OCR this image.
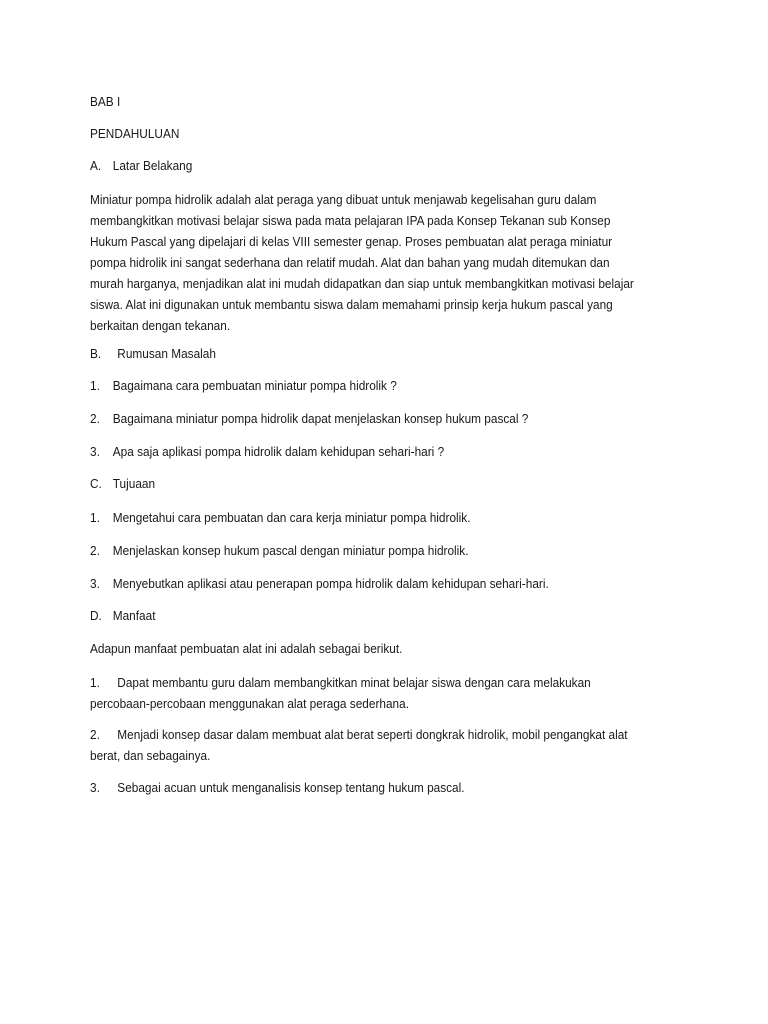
BAB I
PENDAHULUAN
A. Latar Belakang
Miniatur pompa hidrolik adalah alat peraga yang dibuat untuk menjawab kegelisahan guru dalam
membangkitkan motivasi belajar siswa pada mata pelajaran IPA pada Konsep Tekanan sub Konsep
Hukum Pascal yang dipelajari di kelas VIII semester genap. Proses pembuatan alat peraga miniatur
pompa hidrolik ini sangat sederhana dan relatif mudah. Alat dan bahan yang mudah ditemukan dan
murah harganya, menjadikan alat ini mudah didapatkan dan siap untuk membangkitkan motivasi belajar
siswa. Alat ini digunakan untuk membantu siswa dalam memahami prinsip kerja hukum pascal yang
berkaitan dengan tekanan.
B. Rumusan Masalah
1. Bagaimana cara pembuatan miniatur pompa hidrolik ?
2. Bagaimana miniatur pompa hidrolik dapat menjelaskan konsep hukum pascal ?
3. Apa saja aplikasi pompa hidrolik dalam kehidupan sehari-hari ?
C. Tujuaan
1. Mengetahui cara pembuatan dan cara kerja miniatur pompa hidrolik.
2. Menjelaskan konsep hukum pascal dengan miniatur pompa hidrolik.
3. Menyebutkan aplikasi atau penerapan pompa hidrolik dalam kehidupan sehari-hari.
D. Manfaat
Adapun manfaat pembuatan alat ini adalah sebagai berikut.
1. Dapat membantu guru dalam membangkitkan minat belajar siswa dengan cara melakukan
percobaan-percobaan menggunakan alat peraga sederhana.
2. Menjadi konsep dasar dalam membuat alat berat seperti dongkrak hidrolik, mobil pengangkat alat
berat, dan sebagainya.
3. Sebagai acuan untuk menganalisis konsep tentang hukum pascal.
